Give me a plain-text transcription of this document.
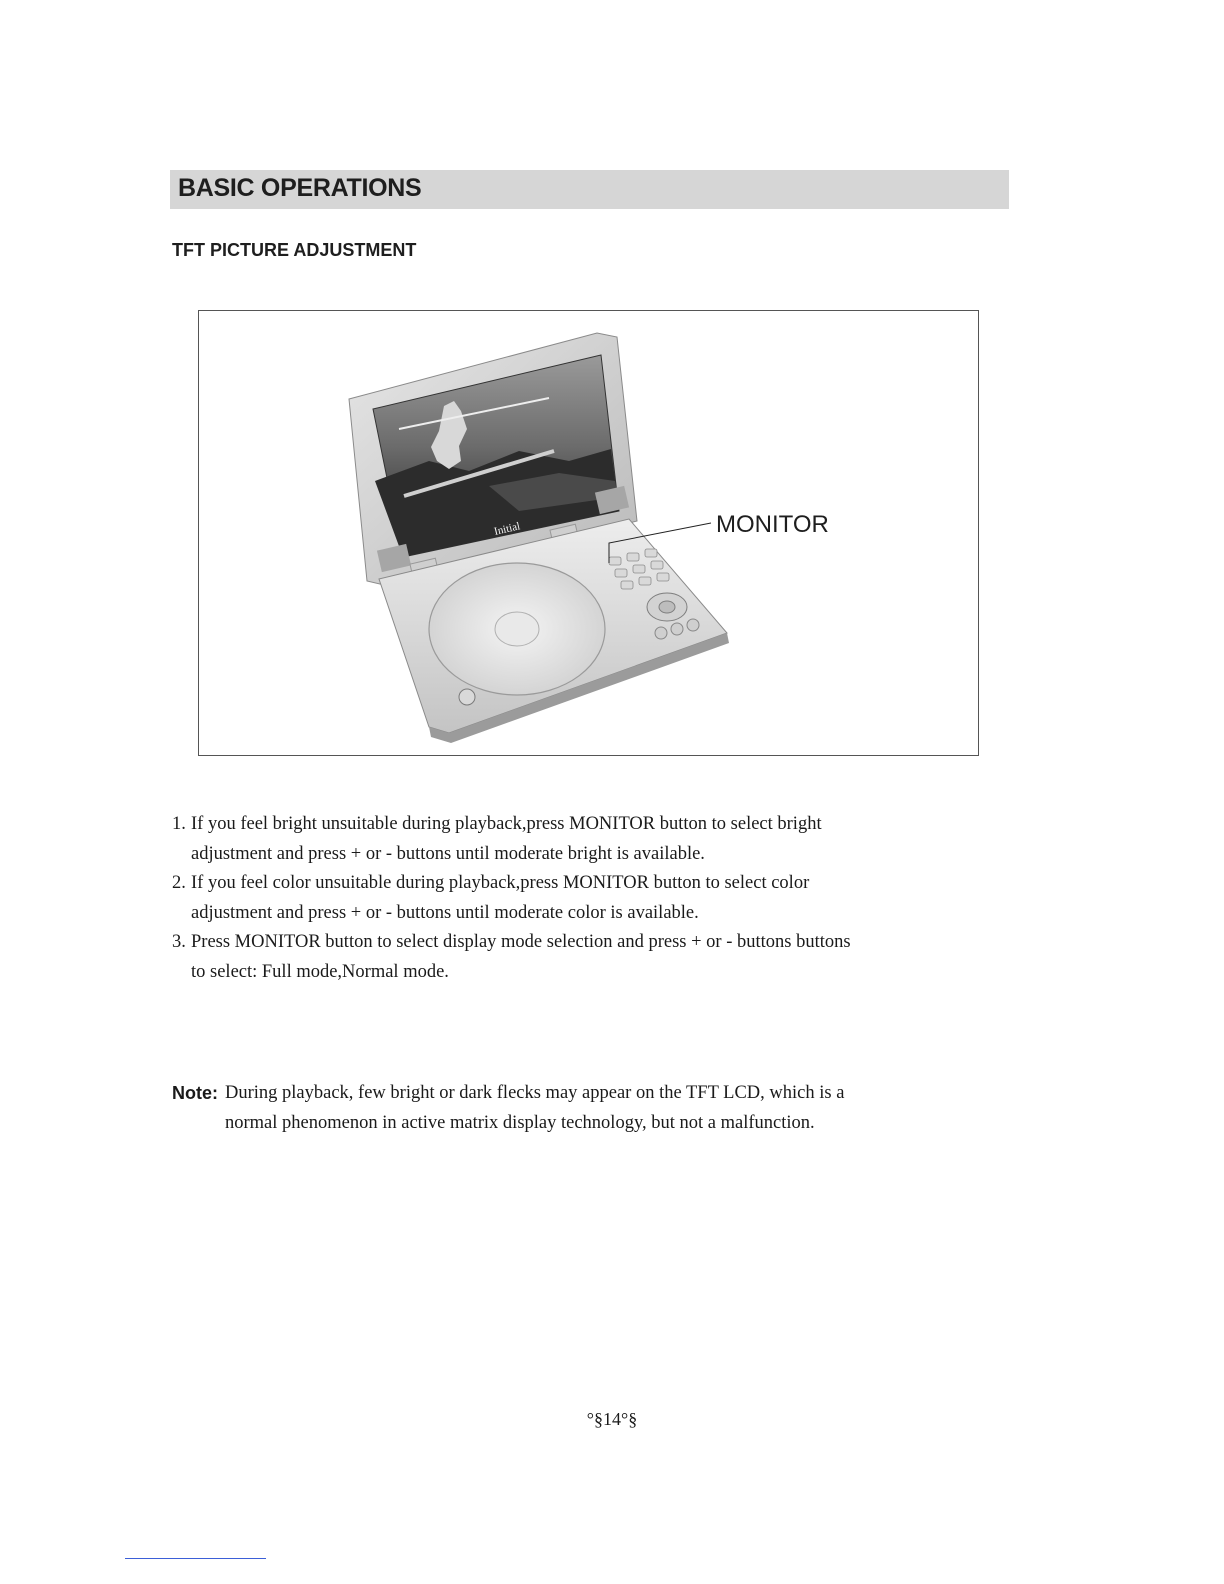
BASIC OPERATIONS
TFT PICTURE ADJUSTMENT
Initial	MONITOR
1. If you feel bright unsuitable during playback,press MONITOR button to select bright
adjustment and press + or - buttons until moderate bright is available.
2. If you feel color unsuitable during playback,press MONITOR button to select color
adjustment and press + or - buttons until moderate color is available.
3. Press MONITOR button to select display mode selection and press + or - buttons buttons
to select: Full mode,Normal mode.
Note: During playback, few bright or dark flecks may appear on the TFT LCD, which is a
normal phenomenon in active matrix display technology, but not a malfunction.
°§14°§
